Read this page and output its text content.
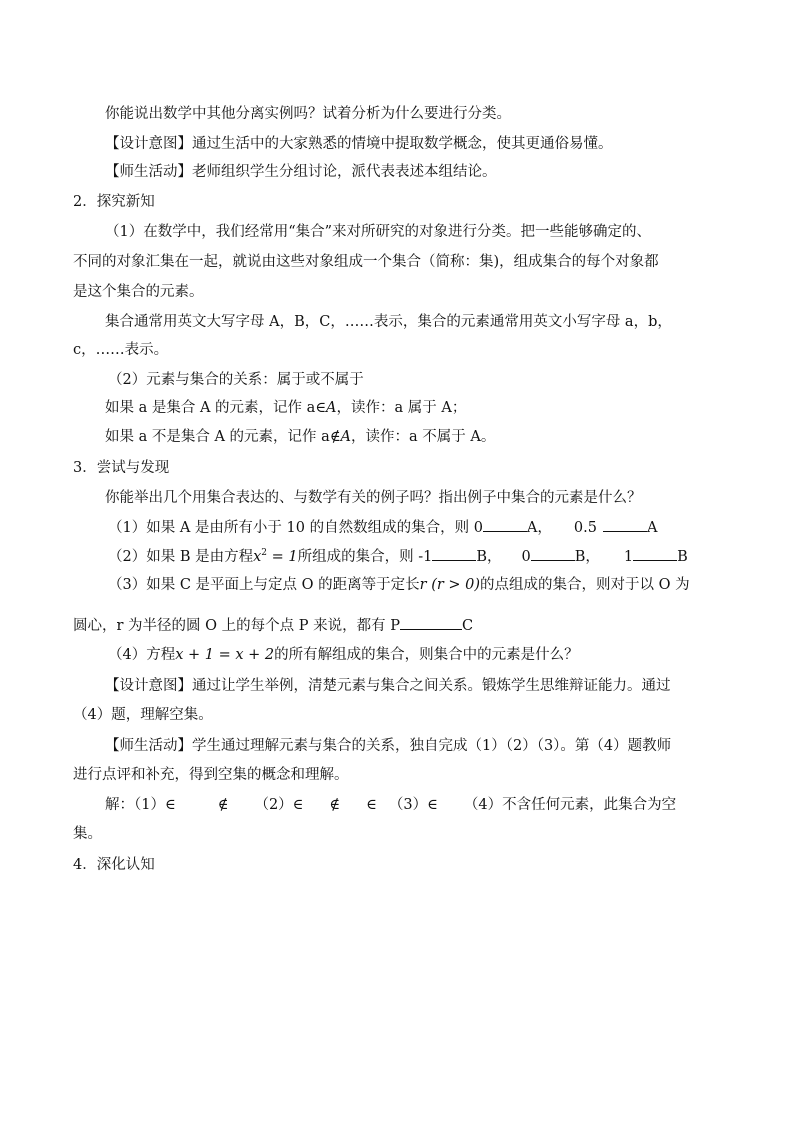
你能说出数学中其他分离实例吗？试着分析为什么要进行分类。
【设计意图】通过生活中的大家熟悉的情境中提取数学概念，使其更通俗易懂。
【师生活动】老师组织学生分组讨论，派代表表述本组结论。
2．探究新知
（1）在数学中，我们经常用“集合”来对所研究的对象进行分类。把一些能够确定的、
不同的对象汇集在一起，就说由这些对象组成一个集合（简称：集)，组成集合的每个对象都
是这个集合的元素。
集合通常用英文大写字母 A，B，C，……表示，集合的元素通常用英文小写字母 a，b，
c，……表示。
（2）元素与集合的关系：属于或不属于
如果 a 是集合 A 的元素，记作 a∈A，读作：a 属于 A；
如果 a 不是集合 A 的元素，记作 a∉A，读作：a 不属于 A。
3．尝试与发现
你能举出几个用集合表达的、与数学有关的例子吗？指出例子中集合的元素是什么？
（1）如果 A 是由所有小于 10 的自然数组成的集合，则 0	A， 0.5	A
（2）如果 B 是由方程$x^2 = 1$所组成的集合，则 -1	B， 0	B， 1	B
（3）如果 C 是平面上与定点 O 的距离等于定长r (r > 0)的点组成的集合，则对于以 O 为
圆心，r 为半径的圆 O 上的每个点 P 来说，都有 P	C
（4）方程x + 1 = x + 2的所有解组成的集合，则集合中的元素是什么？
【设计意图】通过让学生举例，清楚元素与集合之间关系。锻炼学生思维辩证能力。通过
（4）题，理解空集。
【师生活动】学生通过理解元素与集合的关系，独自完成（1）（2）（3）。第（4）题教师
进行点评和补充，得到空集的概念和理解。
解：（1）∈	∉ （2）∈ ∉ ∈ （3）∈ （4）不含任何元素，此集合为空
集。
4．深化认知
